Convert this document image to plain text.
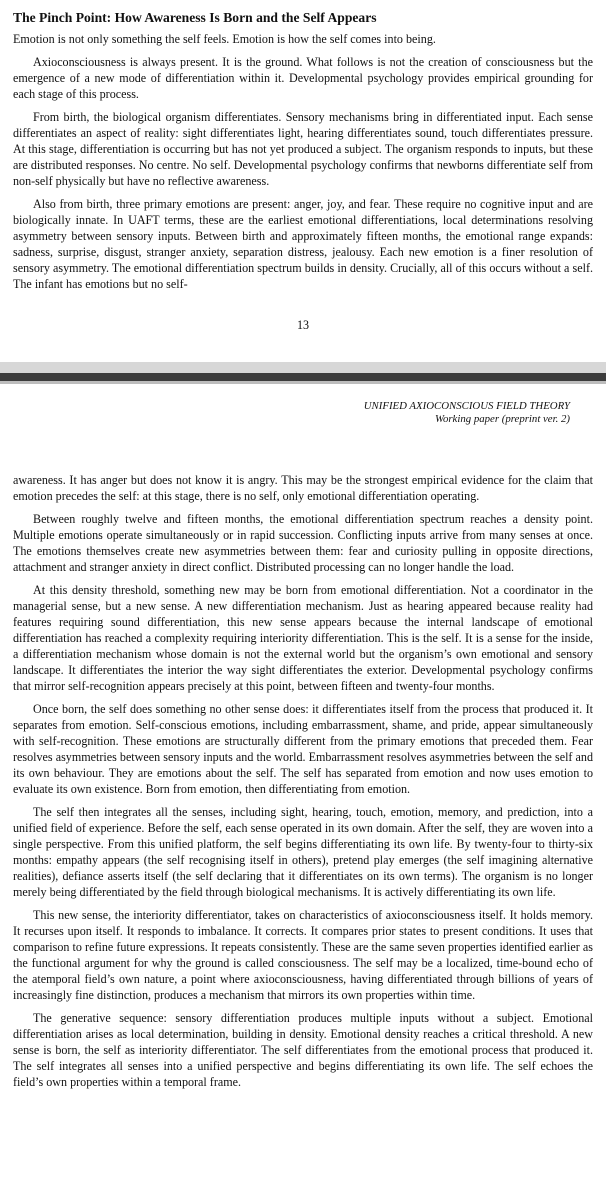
The Pinch Point: How Awareness Is Born and the Self Appears

Emotion is not only something the self feels. Emotion is how the self comes into being.

Axioconsciousness is always present. It is the ground. What follows is not the creation of consciousness but the emergence of a new mode of differentiation within it. Developmental psychology provides empirical grounding for each stage of this process.

From birth, the biological organism differentiates. Sensory mechanisms bring in differentiated input. Each sense differentiates an aspect of reality: sight differentiates light, hearing differentiates sound, touch differentiates pressure. At this stage, differentiation is occurring but has not yet produced a subject. The organism responds to inputs, but these are distributed responses. No centre. No self. Developmental psychology confirms that newborns differentiate self from non-self physically but have no reflective awareness.

Also from birth, three primary emotions are present: anger, joy, and fear. These require no cognitive input and are biologically innate. In UAFT terms, these are the earliest emotional differentiations, local determinations resolving asymmetry between sensory inputs. Between birth and approximately fifteen months, the emotional range expands: sadness, surprise, disgust, stranger anxiety, separation distress, jealousy. Each new emotion is a finer resolution of sensory asymmetry. The emotional differentiation spectrum builds in density. Crucially, all of this occurs without a self. The infant has emotions but no self-

13
UNIFIED AXIOCONSCIOUS FIELD THEORY
Working paper (preprint ver. 2)

awareness. It has anger but does not know it is angry. This may be the strongest empirical evidence for the claim that emotion precedes the self: at this stage, there is no self, only emotional differentiation operating.

Between roughly twelve and fifteen months, the emotional differentiation spectrum reaches a density point. Multiple emotions operate simultaneously or in rapid succession. Conflicting inputs arrive from many senses at once. The emotions themselves create new asymmetries between them: fear and curiosity pulling in opposite directions, attachment and stranger anxiety in direct conflict. Distributed processing can no longer handle the load.

At this density threshold, something new may be born from emotional differentiation. Not a coordinator in the managerial sense, but a new sense. A new differentiation mechanism. Just as hearing appeared because reality had features requiring sound differentiation, this new sense appears because the internal landscape of emotional differentiation has reached a complexity requiring interiority differentiation. This is the self. It is a sense for the inside, a differentiation mechanism whose domain is not the external world but the organism’s own emotional and sensory landscape. It differentiates the interior the way sight differentiates the exterior. Developmental psychology confirms that mirror self-recognition appears precisely at this point, between fifteen and twenty-four months.

Once born, the self does something no other sense does: it differentiates itself from the process that produced it. It separates from emotion. Self-conscious emotions, including embarrassment, shame, and pride, appear simultaneously with self-recognition. These emotions are structurally different from the primary emotions that preceded them. Fear resolves asymmetries between sensory inputs and the world. Embarrassment resolves asymmetries between the self and its own behaviour. They are emotions about the self. The self has separated from emotion and now uses emotion to evaluate its own existence. Born from emotion, then differentiating from emotion.

The self then integrates all the senses, including sight, hearing, touch, emotion, memory, and prediction, into a unified field of experience. Before the self, each sense operated in its own domain. After the self, they are woven into a single perspective. From this unified platform, the self begins differentiating its own life. By twenty-four to thirty-six months: empathy appears (the self recognising itself in others), pretend play emerges (the self imagining alternative realities), defiance asserts itself (the self declaring that it differentiates on its own terms). The organism is no longer merely being differentiated by the field through biological mechanisms. It is actively differentiating its own life.

This new sense, the interiority differentiator, takes on characteristics of axioconsciousness itself. It holds memory. It recurses upon itself. It responds to imbalance. It corrects. It compares prior states to present conditions. It uses that comparison to refine future expressions. It repeats consistently. These are the same seven properties identified earlier as the functional argument for why the ground is called consciousness. The self may be a localized, time-bound echo of the atemporal field’s own nature, a point where axioconsciousness, having differentiated through billions of years of increasingly fine distinction, produces a mechanism that mirrors its own properties within time.

The generative sequence: sensory differentiation produces multiple inputs without a subject. Emotional differentiation arises as local determination, building in density. Emotional density reaches a critical threshold. A new sense is born, the self as interiority differentiator. The self differentiates from the emotional process that produced it. The self integrates all senses into a unified perspective and begins differentiating its own life. The self echoes the field’s own properties within a temporal frame.
